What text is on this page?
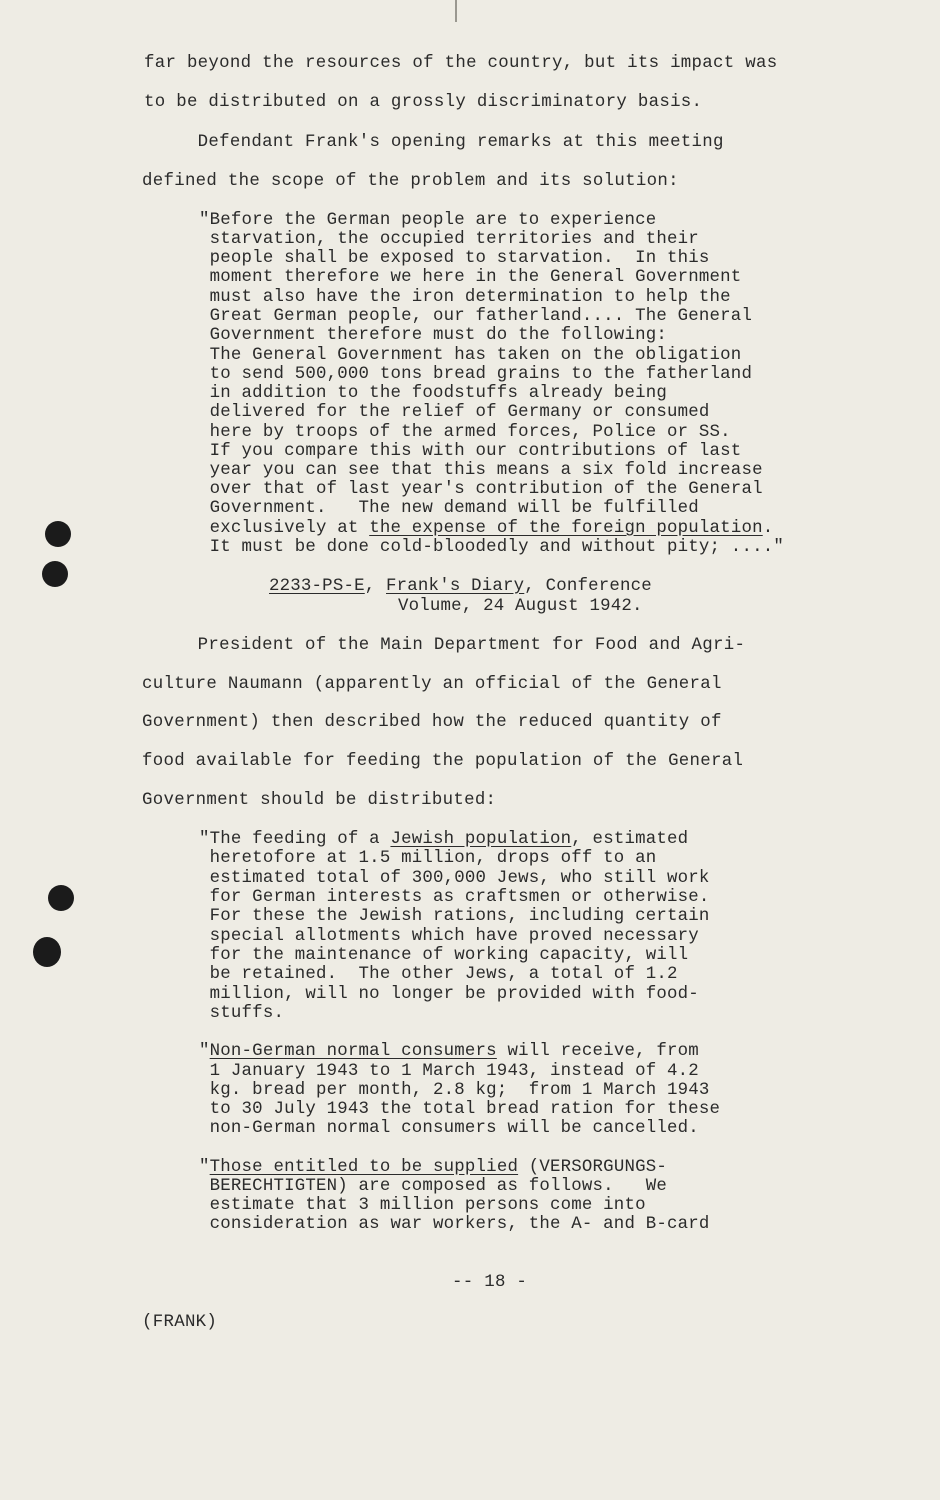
far beyond the resources of the country, but its impact was
to be distributed on a grossly discriminatory basis.
Defendant Frank's opening remarks at this meeting
defined the scope of the problem and its solution:
"Before the German people are to experience
starvation, the occupied territories and their
people shall be exposed to starvation.  In this
moment therefore we here in the General Government
must also have the iron determination to help the
Great German people, our fatherland.... The General
Government therefore must do the following:
The General Government has taken on the obligation
to send 500,000 tons bread grains to the fatherland
in addition to the foodstuffs already being
delivered for the relief of Germany or consumed
here by troops of the armed forces, Police or SS.
If you compare this with our contributions of last
year you can see that this means a six fold increase
over that of last year's contribution of the General
Government.   The new demand will be fulfilled
exclusively at the expense of the foreign population.
It must be done cold-bloodedly and without pity; ...."
2233-PS-E, Frank's Diary, Conference
Volume, 24 August 1942.
President of the Main Department for Food and Agri-
culture Naumann (apparently an official of the General
Government) then described how the reduced quantity of
food available for feeding the population of the General
Government should be distributed:
"The feeding of a Jewish population, estimated
heretofore at 1.5 million, drops off to an
estimated total of 300,000 Jews, who still work
for German interests as craftsmen or otherwise.
For these the Jewish rations, including certain
special allotments which have proved necessary
for the maintenance of working capacity, will
be retained.  The other Jews, a total of 1.2
million, will no longer be provided with food-
stuffs.
"Non-German normal consumers will receive, from
1 January 1943 to 1 March 1943, instead of 4.2
kg. bread per month, 2.8 kg;  from 1 March 1943
to 30 July 1943 the total bread ration for these
non-German normal consumers will be cancelled.
"Those entitled to be supplied (VERSORGUNGS-
BERECHTIGTEN) are composed as follows.   We
estimate that 3 million persons come into
consideration as war workers, the A- and B-card
-- 18 -
(FRANK)
